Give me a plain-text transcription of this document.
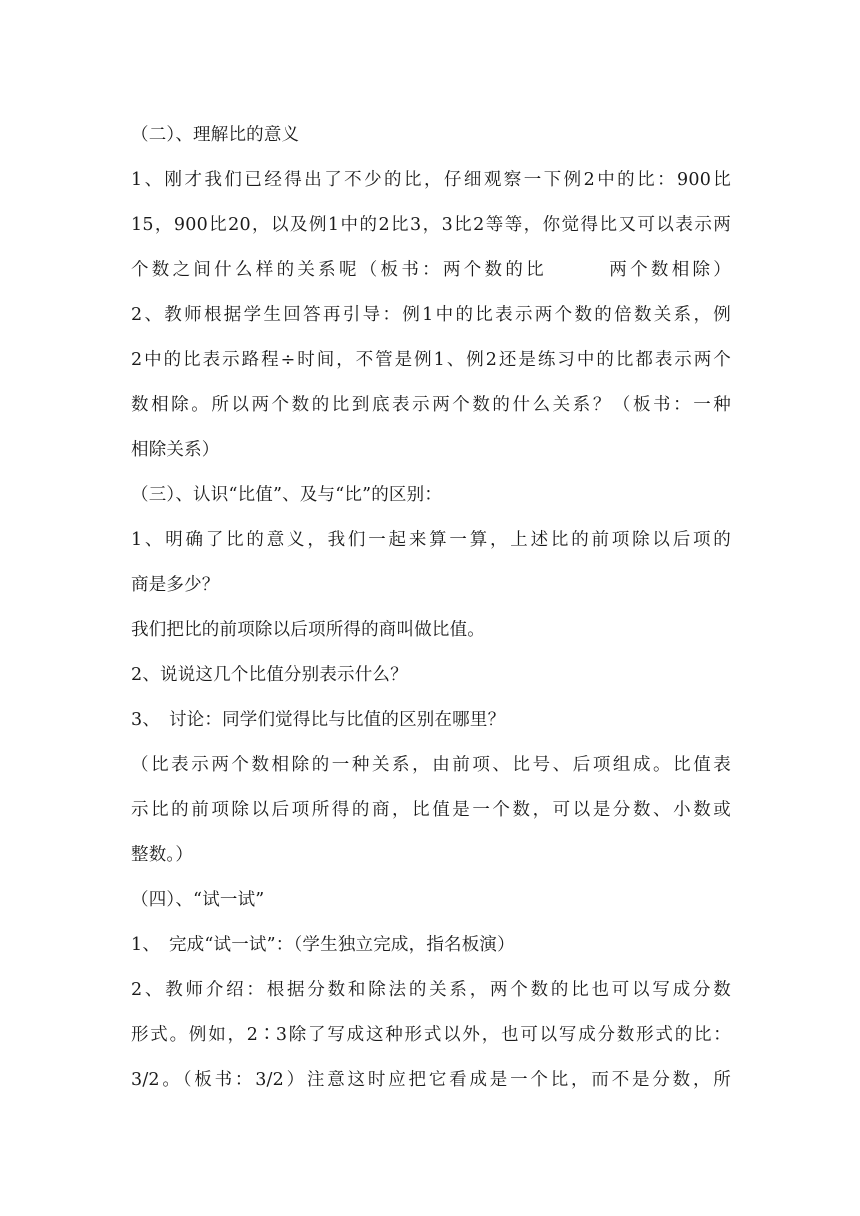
（二）、理解比的意义
1、刚才我们已经得出了不少的比，仔细观察一下例2中的比：900比
15，900比20，以及例1中的2比3，3比2等等，你觉得比又可以表示两
个数之间什么样的关系呢（板书：两个数的比　　　两个数相除）
2、教师根据学生回答再引导：例1中的比表示两个数的倍数关系，例
2中的比表示路程÷时间，不管是例1、例2还是练习中的比都表示两个
数相除。所以两个数的比到底表示两个数的什么关系？（板书：一种
相除关系）
（三）、认识“比值”、及与“比”的区别：
1、明确了比的意义，我们一起来算一算，上述比的前项除以后项的
商是多少？
我们把比的前项除以后项所得的商叫做比值。
2、说说这几个比值分别表示什么？
3、　讨论：同学们觉得比与比值的区别在哪里？
（比表示两个数相除的一种关系，由前项、比号、后项组成。比值表
示比的前项除以后项所得的商，比值是一个数，可以是分数、小数或
整数。）
（四）、“试一试”
1、　完成“试一试”：（学生独立完成，指名板演）
2、教师介绍：根据分数和除法的关系，两个数的比也可以写成分数
形式。例如，2∶3除了写成这种形式以外，也可以写成分数形式的比：
3/2。（板书：3/2）注意这时应把它看成是一个比，而不是分数，所
